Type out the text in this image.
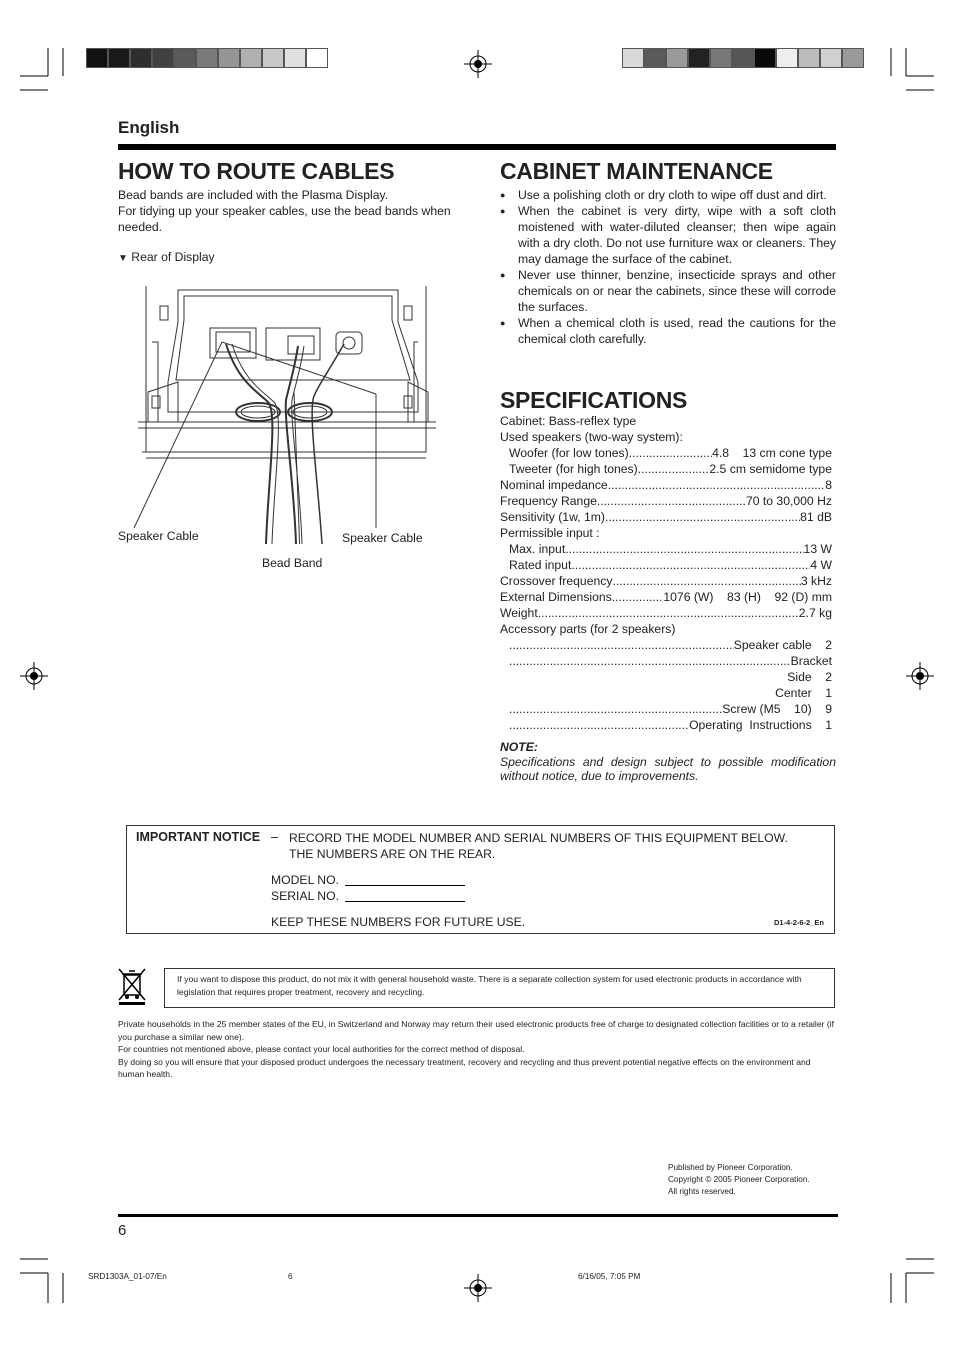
English
HOW TO ROUTE CABLES
Bead bands are included with the Plasma Display.
For tidying up your speaker cables, use the bead bands when needed.
▼ Rear of Display
Speaker Cable
Bead Band
Speaker Cable
CABINET MAINTENANCE
● Use a polishing cloth or dry cloth to wipe off dust and dirt.
● When the cabinet is very dirty, wipe with a soft cloth moistened with water-diluted cleanser; then wipe again with a dry cloth. Do not use furniture wax or cleaners. They may damage the surface of the cabinet.
● Never use thinner, benzine, insecticide sprays and other chemicals on or near the cabinets, since these will corrode the surfaces.
● When a chemical cloth is used, read the cautions for the chemical cloth carefully.
SPECIFICATIONS
Cabinet: Bass-reflex type
Used speakers (two-way system):
Woofer (for low tones) .....	4.8    13 cm cone type
Tweeter (for high tones) .....	2.5 cm semidome type
Nominal impedance .....	8
Frequency Range .....	70 to 30,000 Hz
Sensitivity (1w, 1m) .....	81 dB
Permissible input :
Max. input .....	13 W
Rated input .....	4 W
Crossover frequency .....	3 kHz
External Dimensions .....	1076 (W)    83 (H)    92 (D) mm
Weight .....	2.7 kg
Accessory parts (for 2 speakers)
.....
Speaker cable    2
.....
Bracket
Side    2
Center    1
.....
Screw (M5    10)    9
.....
Operating  Instructions    1
NOTE:
Specifications and design subject to possible modification without notice, due to improvements.
IMPORTANT NOTICE – RECORD THE MODEL NUMBER AND SERIAL NUMBERS OF THIS EQUIPMENT BELOW.
THE NUMBERS ARE ON THE REAR.
MODEL NO.
SERIAL NO.
KEEP THESE NUMBERS FOR FUTURE USE.	D1-4-2-6-2_En
If you want to dispose this product, do not mix it with general household waste. There is a separate collection system for used electronic products in accordance with legislation that requires proper treatment, recovery and recycling.
Private households in the 25 member states of the EU, in Switzerland and Norway may return their used electronic products free of charge to designated collection facilities or to a retailer (if you purchase a similar new one).
For countries not mentioned above, please contact your local authorities for the correct method of disposal.
By doing so you will ensure that your disposed product undergoes the necessary treatment, recovery and recycling and thus prevent potential negative effects on the environment and human health.
Published by Pioneer Corporation.
Copyright © 2005 Pioneer Corporation.
All rights reserved.
6
SRD1303A_01-07/En	6	6/16/05, 7:05 PM
